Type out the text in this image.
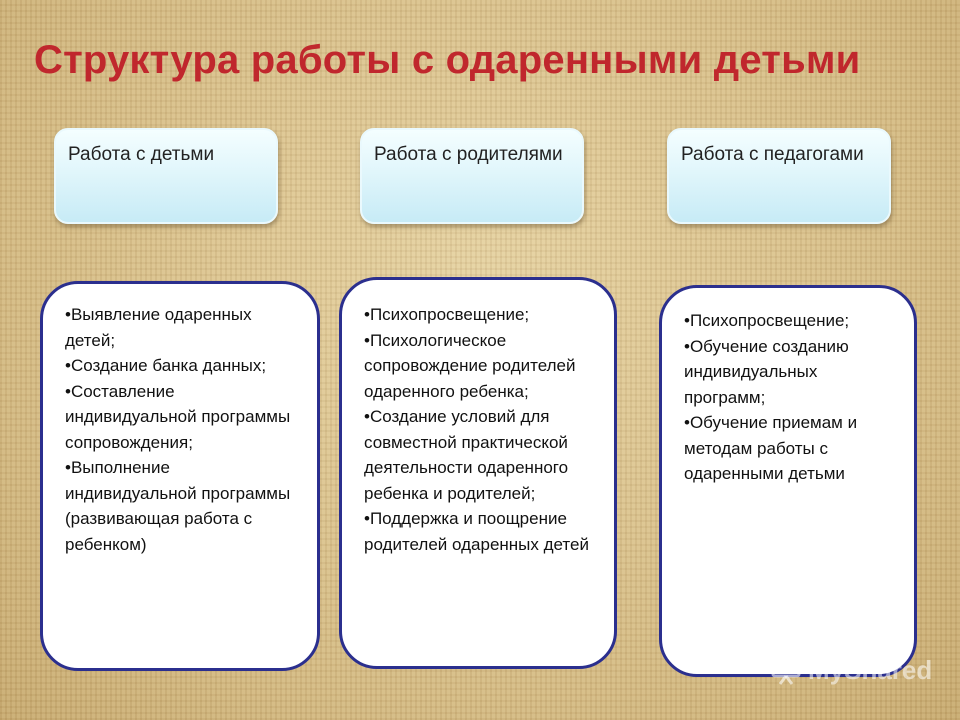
Структура работы с одаренными детьми
Работа с детьми	Работа с родителями	Работа с педагогами
• Выявление одаренных детей;
• Создание банка данных;
• Составление индивидуальной программы сопровождения;
• Выполнение индивидуальной программы (развивающая работа с ребенком)
• Психопросвещение;
• Психологическое сопровождение родителей одаренного ребенка;
• Создание условий для совместной практической деятельности одаренного ребенка и родителей;
• Поддержка и поощрение родителей одаренных детей
• Психопросвещение;
• Обучение созданию индивидуальных программ;
• Обучение приемам и методам работы с одаренными детьми
MyShared
